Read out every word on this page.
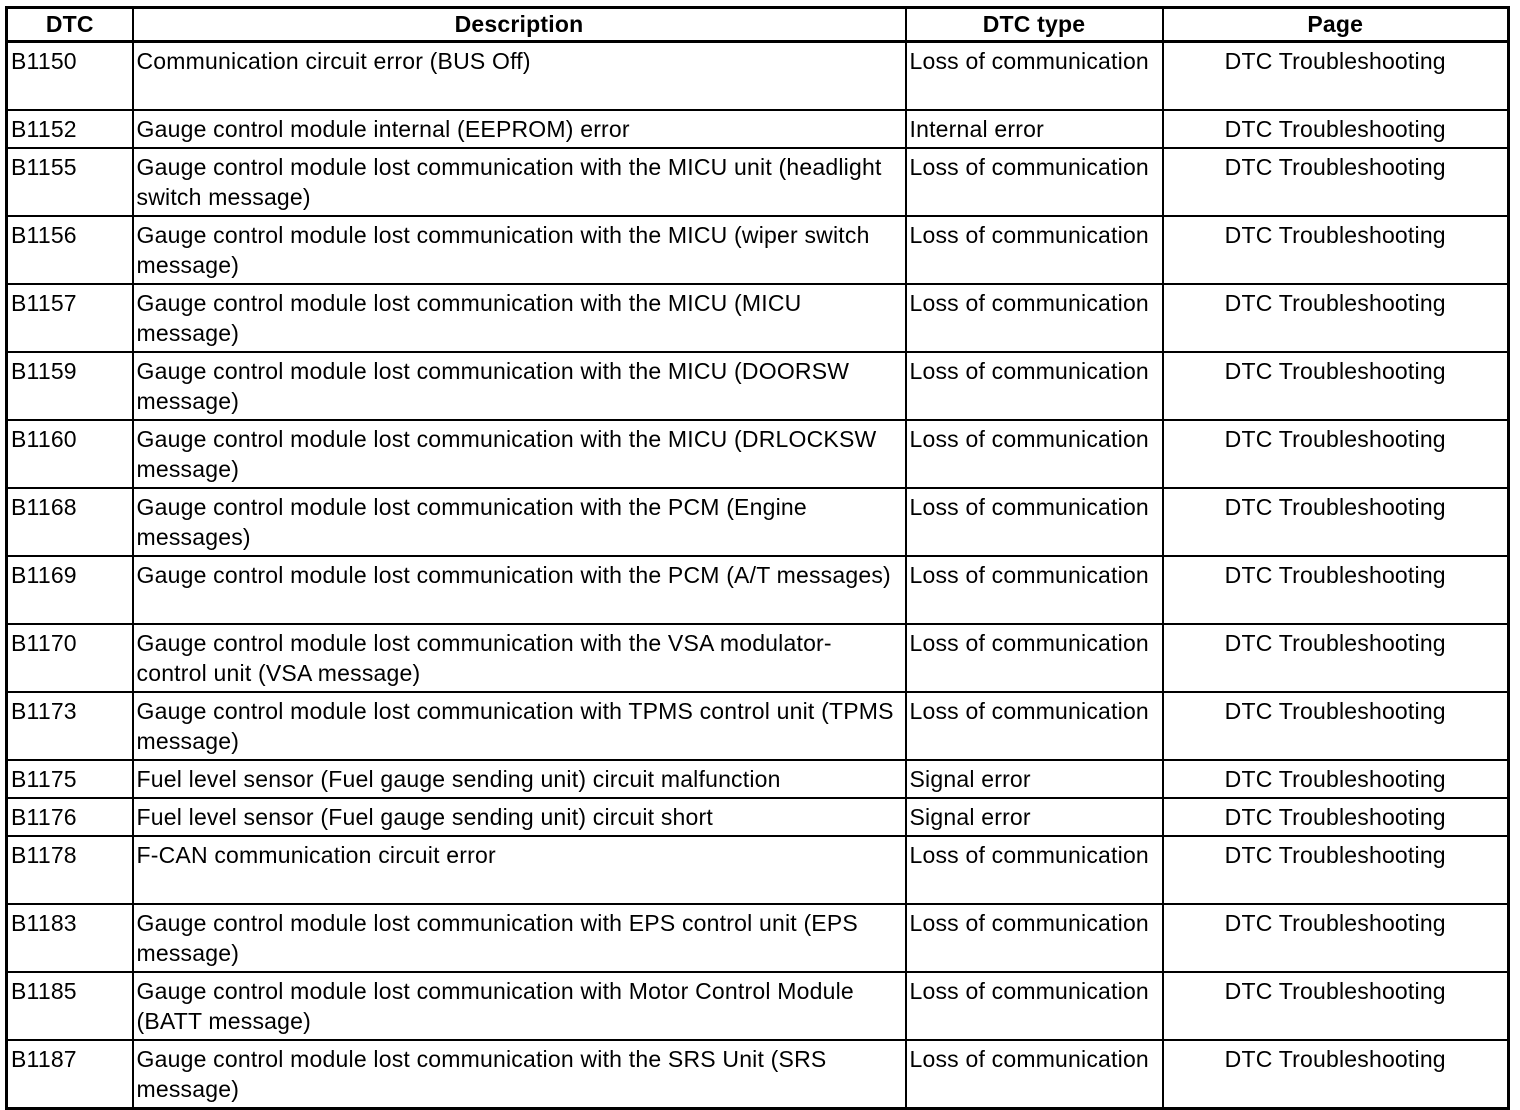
DTC	Description	DTC type	Page
B1150	Communication circuit error (BUS Off)	Loss of communication	DTC Troubleshooting
B1152	Gauge control module internal (EEPROM) error	Internal error	DTC Troubleshooting
B1155	Gauge control module lost communication with the MICU unit (headlight switch message)	Loss of communication	DTC Troubleshooting
B1156	Gauge control module lost communication with the MICU (wiper switch message)	Loss of communication	DTC Troubleshooting
B1157	Gauge control module lost communication with the MICU (MICU message)	Loss of communication	DTC Troubleshooting
B1159	Gauge control module lost communication with the MICU (DOORSW message)	Loss of communication	DTC Troubleshooting
B1160	Gauge control module lost communication with the MICU (DRLOCKSW message)	Loss of communication	DTC Troubleshooting
B1168	Gauge control module lost communication with the PCM (Engine messages)	Loss of communication	DTC Troubleshooting
B1169	Gauge control module lost communication with the PCM (A/T messages)	Loss of communication	DTC Troubleshooting
B1170	Gauge control module lost communication with the VSA modulator-control unit (VSA message)	Loss of communication	DTC Troubleshooting
B1173	Gauge control module lost communication with TPMS control unit (TPMS message)	Loss of communication	DTC Troubleshooting
B1175	Fuel level sensor (Fuel gauge sending unit) circuit malfunction	Signal error	DTC Troubleshooting
B1176	Fuel level sensor (Fuel gauge sending unit) circuit short	Signal error	DTC Troubleshooting
B1178	F-CAN communication circuit error	Loss of communication	DTC Troubleshooting
B1183	Gauge control module lost communication with EPS control unit (EPS message)	Loss of communication	DTC Troubleshooting
B1185	Gauge control module lost communication with Motor Control Module (BATT message)	Loss of communication	DTC Troubleshooting
B1187	Gauge control module lost communication with the SRS Unit (SRS message)	Loss of communication	DTC Troubleshooting
